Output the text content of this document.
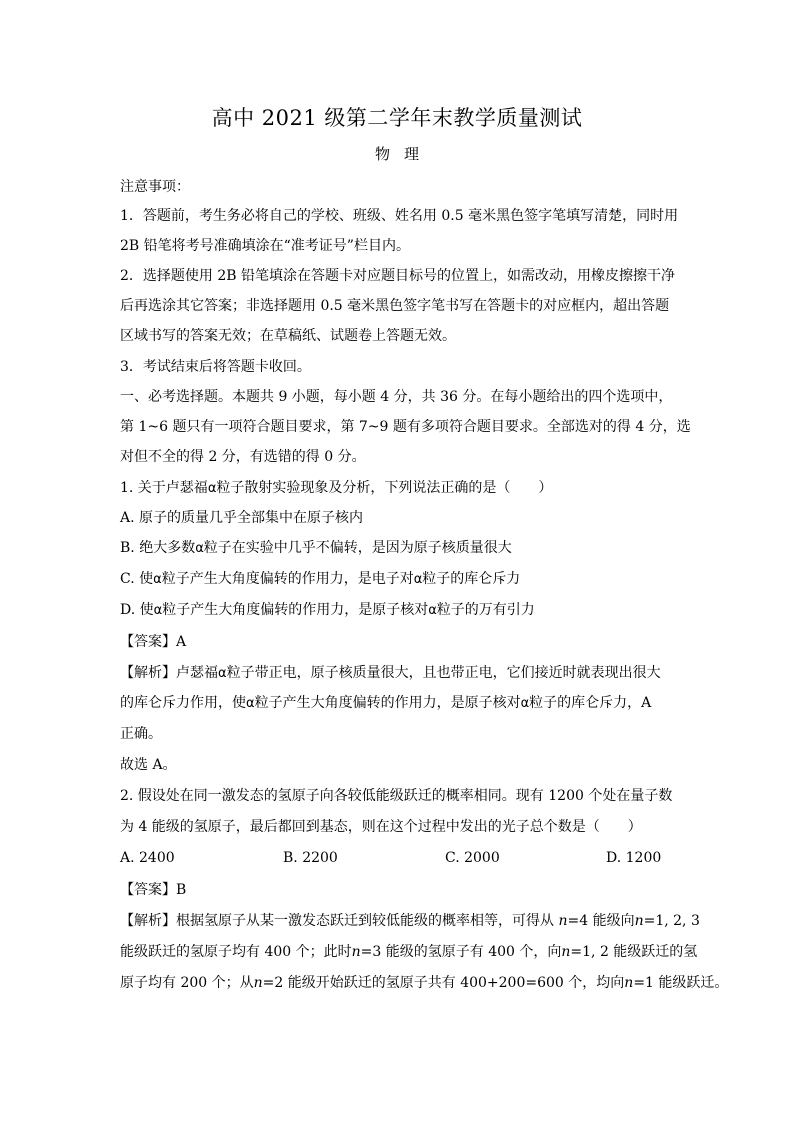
高中 2021 级第二学年末教学质量测试
物理
注意事项：
1．答题前，考生务必将自己的学校、班级、姓名用 0.5 毫米黑色签字笔填写清楚，同时用
2B 铅笔将考号准确填涂在“准考证号”栏目内。
2．选择题使用 2B 铅笔填涂在答题卡对应题目标号的位置上，如需改动，用橡皮擦擦干净
后再选涂其它答案；非选择题用 0.5 毫米黑色签字笔书写在答题卡的对应框内，超出答题
区域书写的答案无效；在草稿纸、试题卷上答题无效。
3．考试结束后将答题卡收回。
一、必考选择题。本题共 9 小题，每小题 4 分，共 36 分。在每小题给出的四个选项中，
第 1~6 题只有一项符合题目要求，第 7~9 题有多项符合题目要求。全部选对的得 4 分，选
对但不全的得 2 分，有选错的得 0 分。
1. 关于卢瑟福α粒子散射实验现象及分析，下列说法正确的是（　　）
A. 原子的质量几乎全部集中在原子核内
B. 绝大多数α粒子在实验中几乎不偏转，是因为原子核质量很大
C. 使α粒子产生大角度偏转的作用力，是电子对α粒子的库仑斥力
D. 使α粒子产生大角度偏转的作用力，是原子核对α粒子的万有引力
【答案】A
【解析】卢瑟福α粒子带正电，原子核质量很大，且也带正电，它们接近时就表现出很大
的库仑斥力作用，使α粒子产生大角度偏转的作用力，是原子核对α粒子的库仑斥力，A
正确。
故选 A。
2. 假设处在同一激发态的氢原子向各较低能级跃迁的概率相同。现有 1200 个处在量子数
为 4 能级的氢原子，最后都回到基态，则在这个过程中发出的光子总个数是（　　）
A. 2400	B. 2200	C. 2000	D. 1200
【答案】B
【解析】根据氢原子从某一激发态跃迁到较低能级的概率相等，可得从 n=4 能级向n=1, 2, 3
能级跃迁的氢原子均有 400 个；此时n=3 能级的氢原子有 400 个，向n=1, 2 能级跃迁的氢
原子均有 200 个；从n=2 能级开始跃迁的氢原子共有 400+200=600 个，均向n=1 能级跃迁。
